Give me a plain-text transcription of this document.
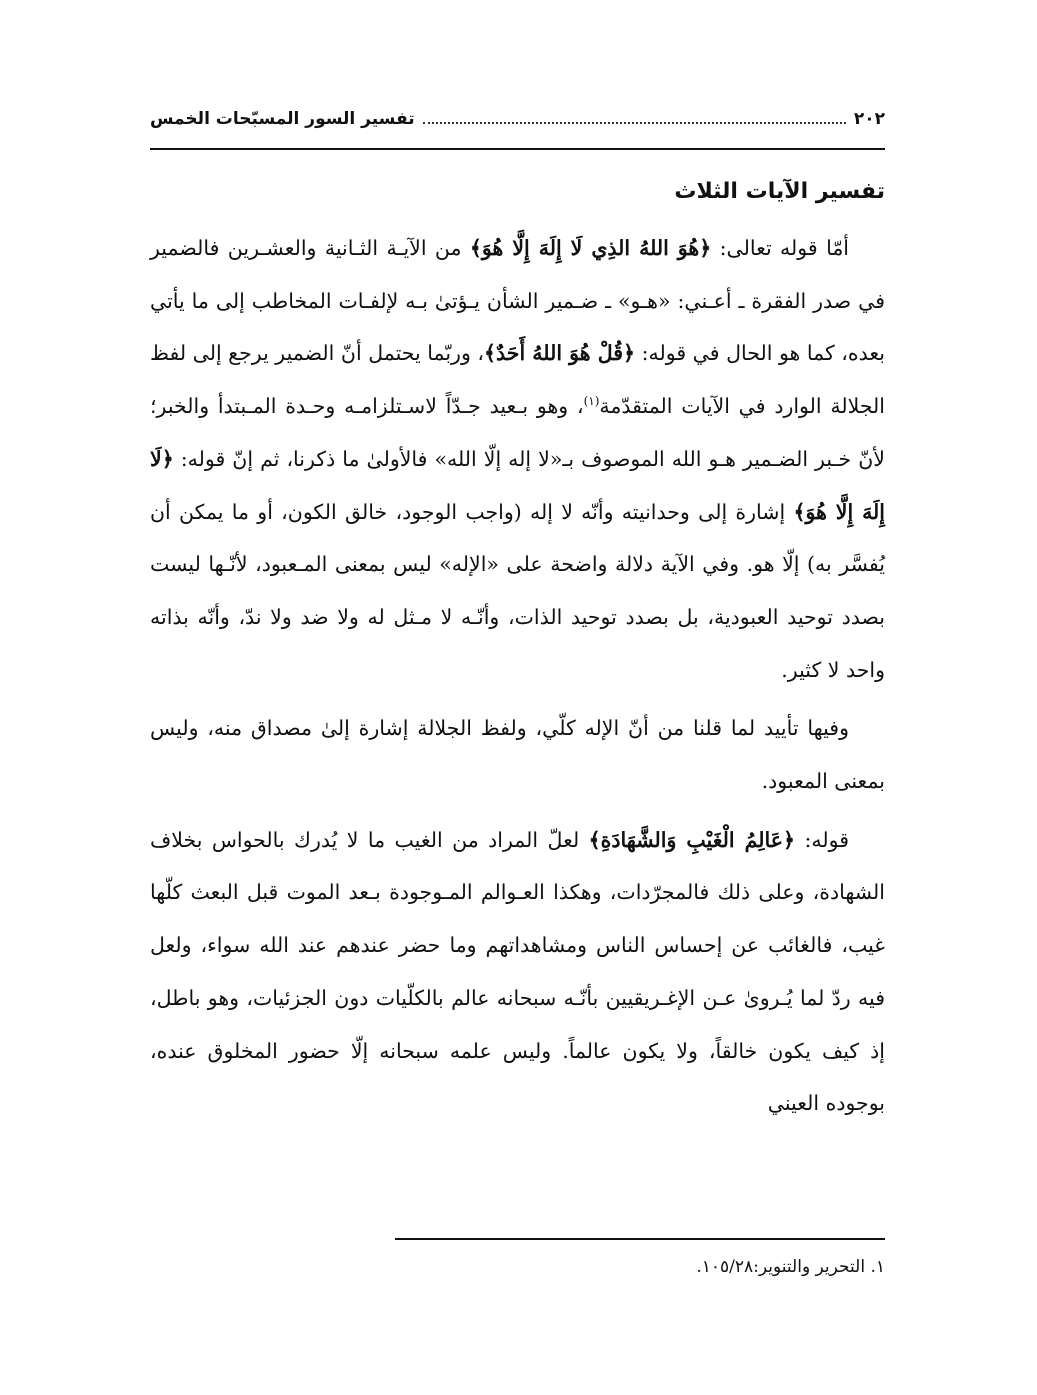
٢٠٢
تفسير السور المسبّحات الخمس
تفسير الآيات الثلاث

أمّا قوله تعالى: ﴿هُوَ اللهُ الذِي لَا إِلَهَ إِلَّا هُوَ﴾ من الآيـة الثـانية والعشـرين فالضمير في صدر الفقرة ـ أعـني: «هـو» ـ ضـمير الشأن يـؤتىٰ بـه لإلفـات المخاطب إلى ما يأتي بعده، كما هو الحال في قوله: ﴿قُلْ هُوَ اللهُ أَحَدٌ﴾، وربّما يحتمل أنّ الضمير يرجع إلى لفظ الجلالة الوارد في الآيات المتقدّمة$^{(١)}$، وهو بـعيد جـدّاً لاسـتلزامـه وحـدة المـبتدأ والخبر؛ لأنّ خـبر الضـمير هـو الله الموصوف بـ«لا إله إلّا الله» فالأولىٰ ما ذكرنا، ثم إنّ قوله: ﴿لَا إِلَهَ إِلَّا هُوَ﴾ إشارة إلى وحدانيته وأنّه لا إله (واجب الوجود، خالق الكون، أو ما يمكن أن يُفسَّر به) إلّا هو. وفي الآية دلالة واضحة على «الإله» ليس بمعنى المـعبود، لأنّـها ليست بصدد توحيد العبودية، بل بصدد توحيد الذات، وأنّـه لا مـثل له ولا ضد ولا ندّ، وأنّه بذاته واحد لا كثير.

وفيها تأييد لما قلنا من أنّ الإله كلّي، ولفظ الجلالة إشارة إلىٰ مصداق منه، وليس بمعنى المعبود.

قوله: ﴿عَالِمُ الْغَيْبِ وَالشَّهَادَةِ﴾ لعلّ المراد من الغيب ما لا يُدرك بالحواس بخلاف الشهادة، وعلى ذلك فالمجرّدات، وهكذا العـوالم المـوجودة بـعد الموت قبل البعث كلّها غيب، فالغائب عن إحساس الناس ومشاهداتهم وما حضر عندهم عند الله سواء، ولعل فيه ردّ لما يُـرویٰ عـن الإغـريقيين بأنّـه سبحانه عالم بالكلّيات دون الجزئيات، وهو باطل، إذ كيف يكون خالقاً، ولا يكون عالماً. وليس علمه سبحانه إلّا حضور المخلوق عنده، بوجوده العيني

١. التحرير والتنوير:١٠٥/٢٨.
